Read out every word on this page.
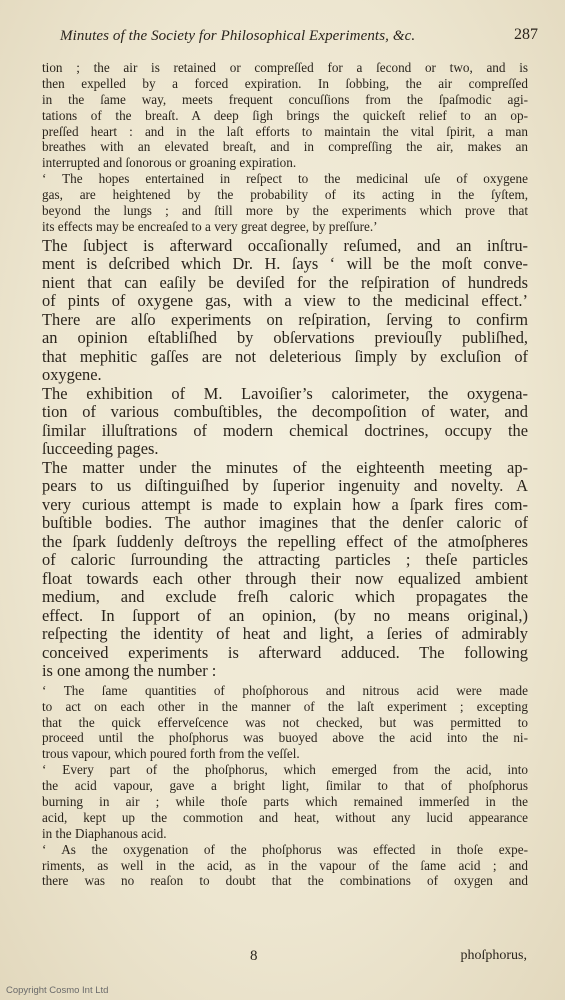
Minutes of the Society for Philosophical Experiments, &c.	287
tion ; the air is retained or compreſſed for a ſecond or two, and is
then expelled by a forced expiration. In ſobbing, the air compreſſed
in the ſame way, meets frequent concuſſions from the ſpaſmodic agi-
tations of the breaſt. A deep ſigh brings the quickeſt relief to an op-
preſſed heart : and in the laſt efforts to maintain the vital ſpirit, a man
breathes with an elevated breaſt, and in compreſſing the air, makes an
interrupted and ſonorous or groaning expiration.
‘ The hopes entertained in reſpect to the medicinal uſe of oxygene
gas, are heightened by the probability of its acting in the ſyſtem,
beyond the lungs ; and ſtill more by the experiments which prove that
its effects may be encreaſed to a very great degree, by preſſure.’
The ſubject is afterward occaſionally reſumed, and an inſtru-
ment is deſcribed which Dr. H. ſays ‘ will be the moſt conve-
nient that can eaſily be deviſed for the reſpiration of hundreds
of pints of oxygene gas, with a view to the medicinal effect.’
There are alſo experiments on reſpiration, ſerving to confirm
an opinion eſtabliſhed by obſervations previouſly publiſhed,
that mephitic gaſſes are not deleterious ſimply by excluſion of
oxygene.
The exhibition of M. Lavoiſier’s calorimeter, the oxygena-
tion of various combuſtibles, the decompoſition of water, and
ſimilar illuſtrations of modern chemical doctrines, occupy the
ſucceeding pages.
The matter under the minutes of the eighteenth meeting ap-
pears to us diſtinguiſhed by ſuperior ingenuity and novelty. A
very curious attempt is made to explain how a ſpark fires com-
buſtible bodies. The author imagines that the denſer caloric of
the ſpark ſuddenly deſtroys the repelling effect of the atmoſpheres
of caloric ſurrounding the attracting particles ; theſe particles
float towards each other through their now equalized ambient
medium, and exclude freſh caloric which propagates the
effect. In ſupport of an opinion, (by no means original,)
reſpecting the identity of heat and light, a ſeries of admirably
conceived experiments is afterward adduced. The following
is one among the number :
‘ The ſame quantities of phoſphorous and nitrous acid were made
to act on each other in the manner of the laſt experiment ; excepting
that the quick effervеſcence was not checked, but was permitted to
proceed until the phoſphorus was buoyed above the acid into the ni-
trous vapour, which poured forth from the veſſel.
‘ Every part of the phoſphorus, which emerged from the acid, into
the acid vapour, gave a bright light, ſimilar to that of phoſphorus
burning in air ; while thoſe parts which remained immerſed in the
acid, kept up the commotion and heat, without any lucid appearance
in the Diaphanous acid.
‘ As the oxygenation of the phoſphorus was effected in thoſe expe-
riments, as well in the acid, as in the vapour of the ſame acid ; and
there was no reaſon to doubt that the combinations of oxygen and
8	phoſphorus,
Copyright Cosmo Int Ltd
